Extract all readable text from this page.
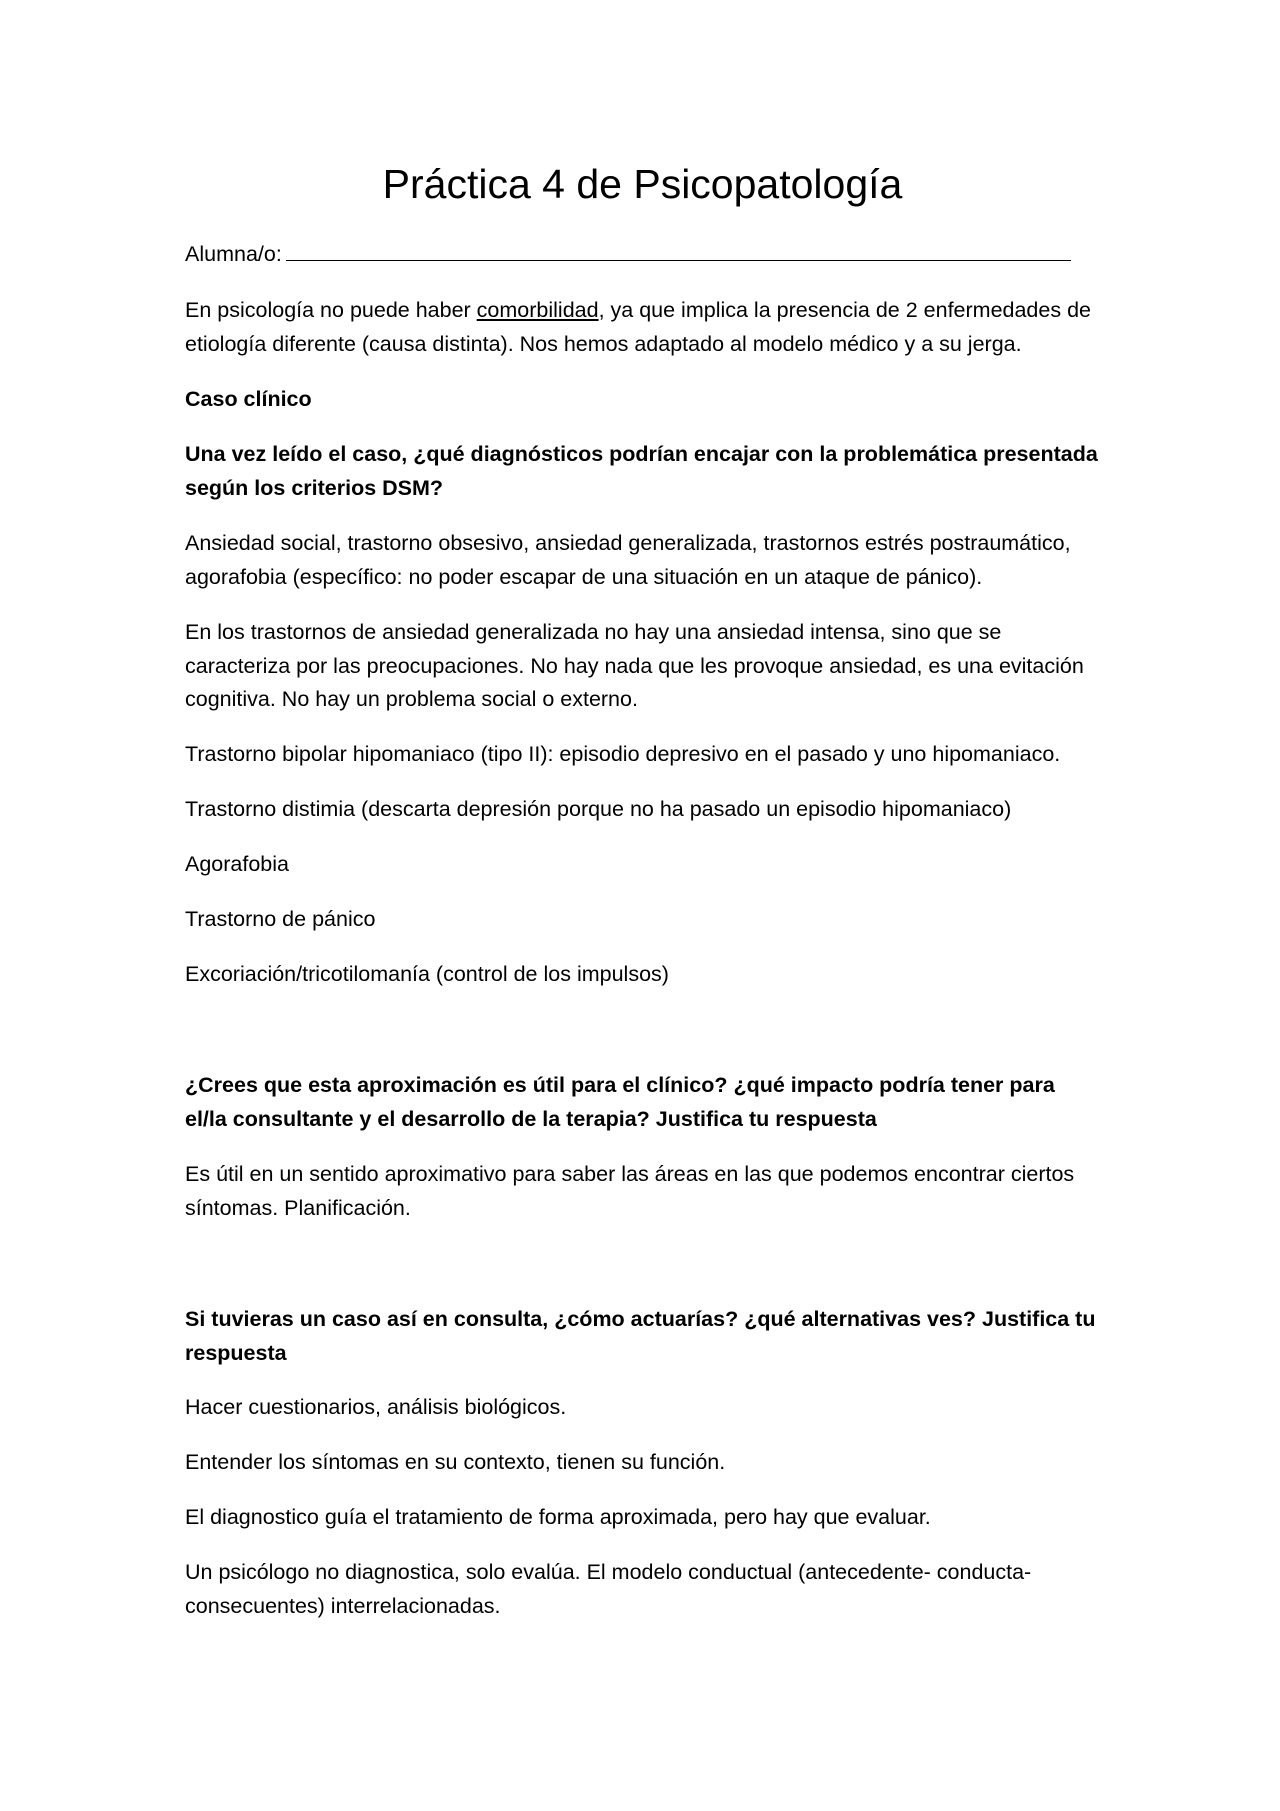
Práctica 4 de Psicopatología

Alumna/o:

En psicología no puede haber comorbilidad, ya que implica la presencia de 2 enfermedades de etiología diferente (causa distinta). Nos hemos adaptado al modelo médico y a su jerga.

Caso clínico

Una vez leído el caso, ¿qué diagnósticos podrían encajar con la problemática presentada según los criterios DSM?

Ansiedad social, trastorno obsesivo, ansiedad generalizada, trastornos estrés postraumático, agorafobia (específico: no poder escapar de una situación en un ataque de pánico).

En los trastornos de ansiedad generalizada no hay una ansiedad intensa, sino que se caracteriza por las preocupaciones. No hay nada que les provoque ansiedad, es una evitación cognitiva. No hay un problema social o externo.

Trastorno bipolar hipomaniaco (tipo II): episodio depresivo en el pasado y uno hipomaniaco.

Trastorno distimia (descarta depresión porque no ha pasado un episodio hipomaniaco)

Agorafobia

Trastorno de pánico

Excoriación/tricotilomanía (control de los impulsos)

¿Crees que esta aproximación es útil para el clínico? ¿qué impacto podría tener para el/la consultante y el desarrollo de la terapia? Justifica tu respuesta

Es útil en un sentido aproximativo para saber las áreas en las que podemos encontrar ciertos síntomas. Planificación.

Si tuvieras un caso así en consulta, ¿cómo actuarías? ¿qué alternativas ves? Justifica tu respuesta

Hacer cuestionarios, análisis biológicos.

Entender los síntomas en su contexto, tienen su función.

El diagnostico guía el tratamiento de forma aproximada, pero hay que evaluar.

Un psicólogo no diagnostica, solo evalúa. El modelo conductual (antecedente- conducta- consecuentes) interrelacionadas.
